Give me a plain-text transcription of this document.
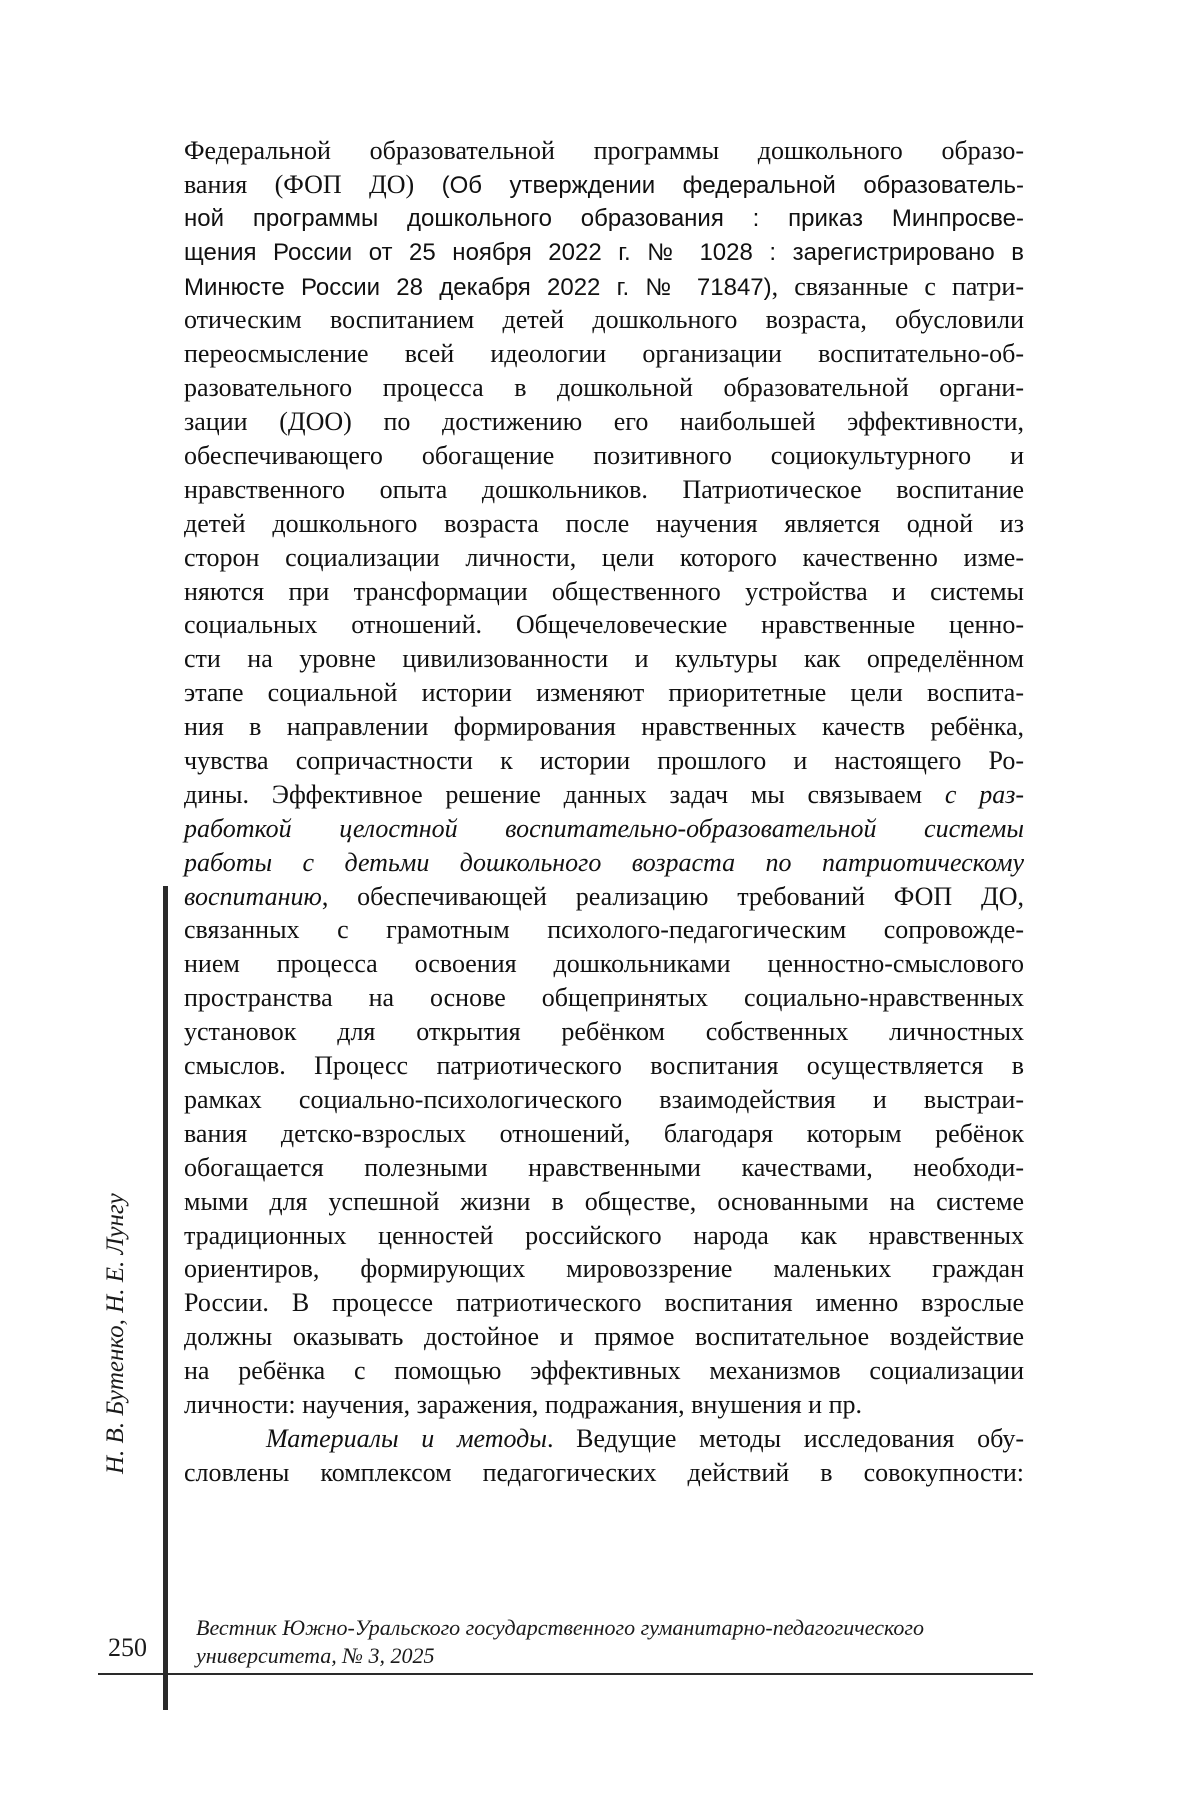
Федеральной образовательной программы дошкольного образо-
вания (ФОП ДО) (Об утверждении федеральной образователь-
ной программы дошкольного образования : приказ Минпросве-
щения России от 25 ноября 2022 г. № 1028 : зарегистрировано в
Минюсте России 28 декабря 2022 г. № 71847), связанные с патри-
отическим воспитанием детей дошкольного возраста, обусловили
переосмысление всей идеологии организации воспитательно-об-
разовательного процесса в дошкольной образовательной органи-
зации (ДОО) по достижению его наибольшей эффективности,
обеспечивающего обогащение позитивного социокультурного и
нравственного опыта дошкольников. Патриотическое воспитание
детей дошкольного возраста после научения является одной из
сторон социализации личности, цели которого качественно изме-
няются при трансформации общественного устройства и системы
социальных отношений. Общечеловеческие нравственные ценно-
сти на уровне цивилизованности и культуры как определённом
этапе социальной истории изменяют приоритетные цели воспита-
ния в направлении формирования нравственных качеств ребёнка,
чувства сопричастности к истории прошлого и настоящего Ро-
дины. Эффективное решение данных задач мы связываем с раз-
работкой целостной воспитательно-образовательной системы
работы с детьми дошкольного возраста по патриотическому
воспитанию, обеспечивающей реализацию требований ФОП ДО,
связанных с грамотным психолого-педагогическим сопровожде-
нием процесса освоения дошкольниками ценностно-смыслового
пространства на основе общепринятых социально-нравственных
установок для открытия ребёнком собственных личностных
смыслов. Процесс патриотического воспитания осуществляется в
рамках социально-психологического взаимодействия и выстраи-
вания детско-взрослых отношений, благодаря которым ребёнок
обогащается полезными нравственными качествами, необходи-
мыми для успешной жизни в обществе, основанными на системе
традиционных ценностей российского народа как нравственных
ориентиров, формирующих мировоззрение маленьких граждан
России. В процессе патриотического воспитания именно взрослые
должны оказывать достойное и прямое воспитательное воздействие
на ребёнка с помощью эффективных механизмов социализации
личности: научения, заражения, подражания, внушения и пр.
Материалы и методы. Ведущие методы исследования обу-
словлены комплексом педагогических действий в совокупности:
Н. В. Бутенко, Н. Е. Лунгу
Вестник Южно-Уральского государственного гуманитарно-педагогического
университета, № 3, 2025
250
